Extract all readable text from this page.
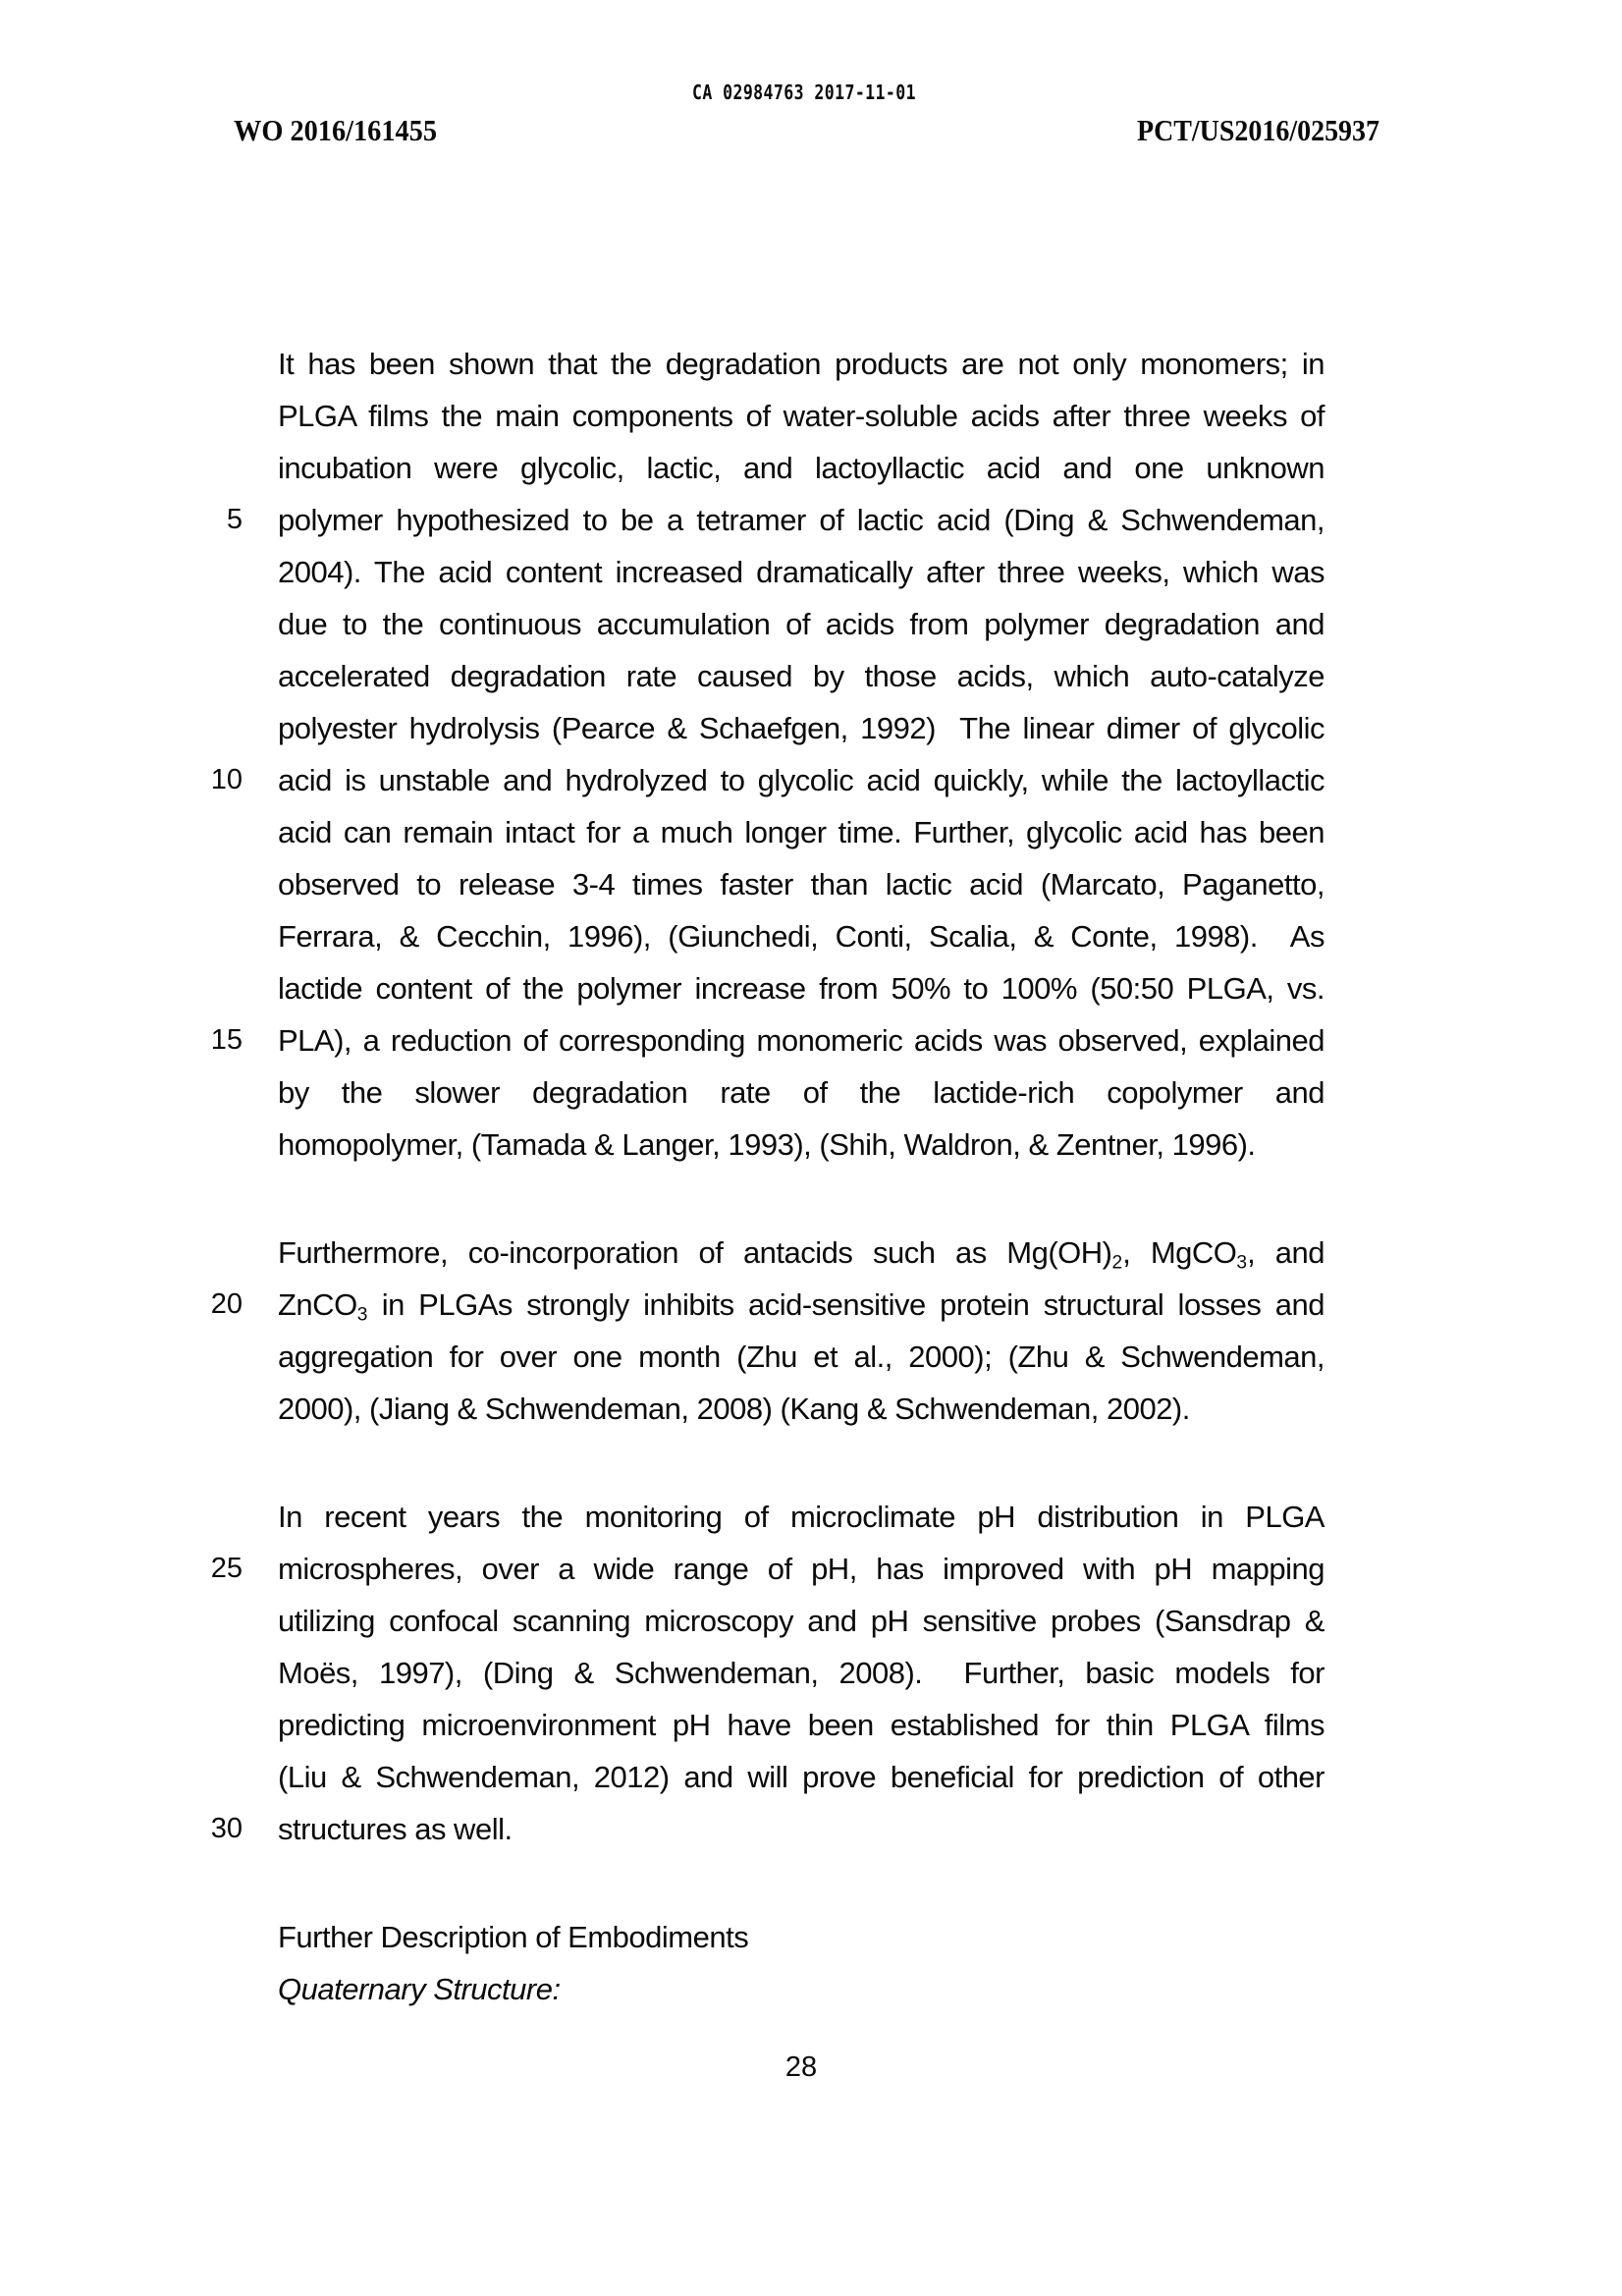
CA 02984763 2017-11-01
WO 2016/161455	PCT/US2016/025937
It has been shown that the degradation products are not only monomers; in
PLGA films the main components of water-soluble acids after three weeks of
incubation were glycolic, lactic, and lactoyllactic acid and one unknown
5 polymer hypothesized to be a tetramer of lactic acid (Ding & Schwendeman,
2004). The acid content increased dramatically after three weeks, which was
due to the continuous accumulation of acids from polymer degradation and
accelerated degradation rate caused by those acids, which auto-catalyze
polyester hydrolysis (Pearce & Schaefgen, 1992)  The linear dimer of glycolic
10 acid is unstable and hydrolyzed to glycolic acid quickly, while the lactoyllactic
acid can remain intact for a much longer time. Further, glycolic acid has been
observed to release 3-4 times faster than lactic acid (Marcato, Paganetto,
Ferrara, & Cecchin, 1996), (Giunchedi, Conti, Scalia, & Conte, 1998).  As
lactide content of the polymer increase from 50% to 100% (50:50 PLGA, vs.
15 PLA), a reduction of corresponding monomeric acids was observed, explained
by the slower degradation rate of the lactide-rich copolymer and
homopolymer, (Tamada & Langer, 1993), (Shih, Waldron, & Zentner, 1996).
Furthermore, co-incorporation of antacids such as $Mg(OH)_2$, MgCO$_3$, and
20 ZnCO$_3$ in PLGAs strongly inhibits acid-sensitive protein structural losses and
aggregation for over one month (Zhu et al., 2000); (Zhu & Schwendeman,
2000), (Jiang & Schwendeman, 2008) (Kang & Schwendeman, 2002).
In recent years the monitoring of microclimate pH distribution in PLGA
25 microspheres, over a wide range of pH, has improved with pH mapping
utilizing confocal scanning microscopy and pH sensitive probes (Sansdrap &
Moës, 1997), (Ding & Schwendeman, 2008).  Further, basic models for
predicting microenvironment pH have been established for thin PLGA films
(Liu & Schwendeman, 2012) and will prove beneficial for prediction of other
30 structures as well.
Further Description of Embodiments
Quaternary Structure:
28
